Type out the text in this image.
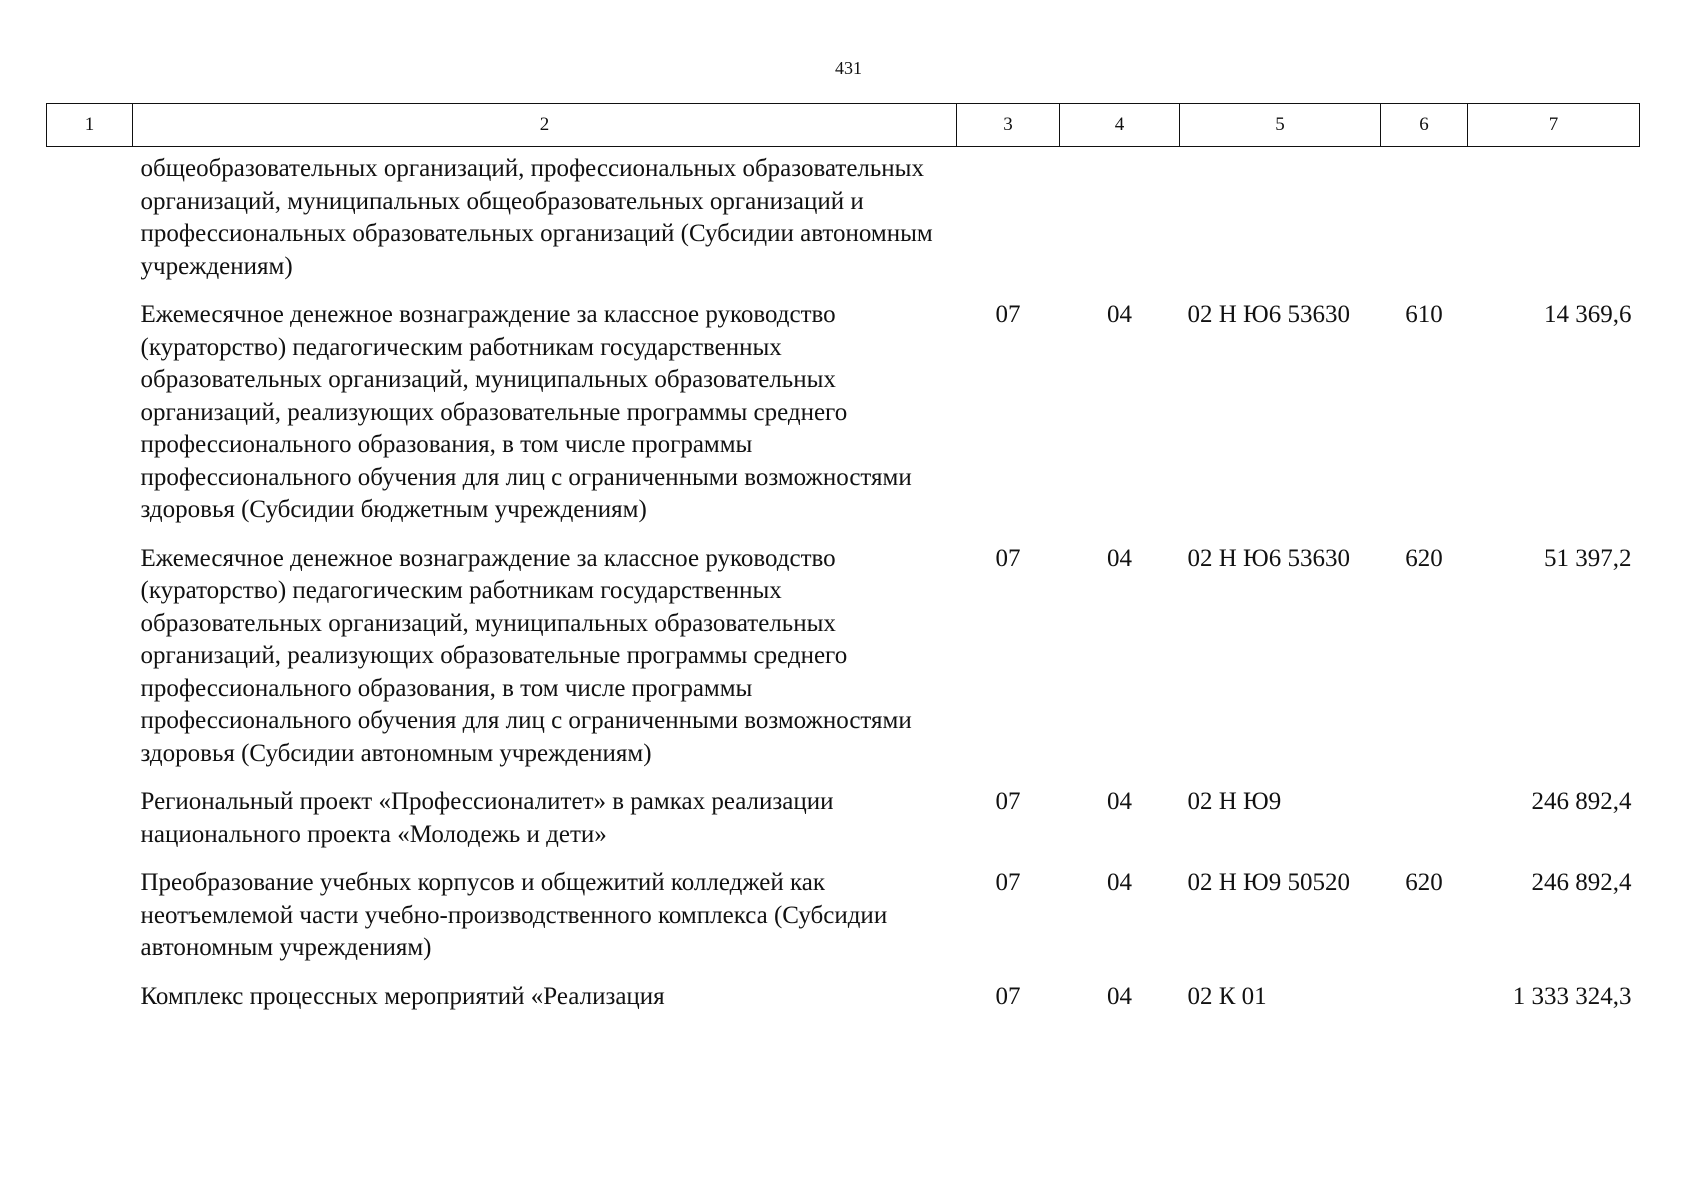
431
1	2	3	4	5	6	7
	общеобразовательных организаций, профессиональных образовательных организаций, муниципальных общеобразовательных организаций и профессиональных образовательных организаций (Субсидии автономным учреждениям)					
	Ежемесячное денежное вознаграждение за классное руководство (кураторство) педагогическим работникам государственных образовательных организаций, муниципальных образовательных организаций, реализующих образовательные программы среднего профессионального образования, в том числе программы профессионального обучения для лиц с ограниченными возможностями здоровья (Субсидии бюджетным учреждениям)	07	04	02 Н Ю6 53630	610	14 369,6
	Ежемесячное денежное вознаграждение за классное руководство (кураторство) педагогическим работникам государственных образовательных организаций, муниципальных образовательных организаций, реализующих образовательные программы среднего профессионального образования, в том числе программы профессионального обучения для лиц с ограниченными возможностями здоровья (Субсидии автономным учреждениям)	07	04	02 Н Ю6 53630	620	51 397,2
	Региональный проект «Профессионалитет» в рамках реализации национального проекта «Молодежь и дети»	07	04	02 Н Ю9		246 892,4
	Преобразование учебных корпусов и общежитий колледжей как неотъемлемой части учебно-производственного комплекса (Субсидии автономным учреждениям)	07	04	02 Н Ю9 50520	620	246 892,4
	Комплекс процессных мероприятий «Реализация	07	04	02 К 01		1 333 324,3
